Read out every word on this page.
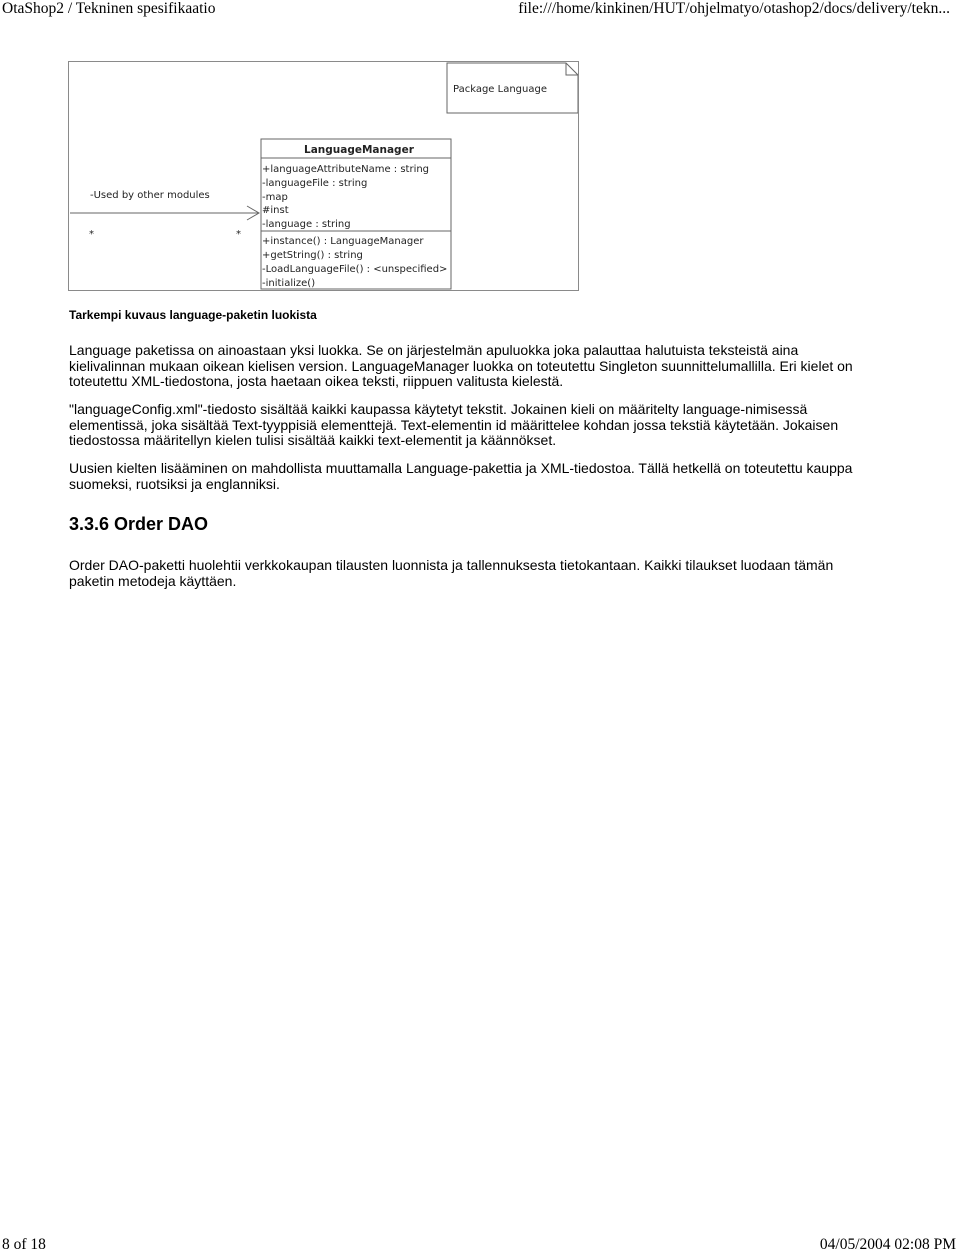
OtaShop2 / Tekninen spesifikaatio	file:///home/kinkinen/HUT/ohjelmatyo/otashop2/docs/delivery/tekn...
Package Language
LanguageManager
+languageAttributeName : string
-languageFile : string
-map
#inst
-language : string
+instance() : LanguageManager
+getString() : string
-LoadLanguageFile() : <unspecified>
-initialize()
-Used by other modules
*	*
Tarkempi kuvaus language-paketin luokista

Language paketissa on ainoastaan yksi luokka. Se on järjestelmän apuluokka joka palauttaa halutuista teksteistä aina kielivalinnan mukaan oikean kielisen version. LanguageManager luokka on toteutettu Singleton suunnittelumallilla. Eri kielet on toteutettu XML-tiedostona, josta haetaan oikea teksti, riippuen valitusta kielestä.

"languageConfig.xml"-tiedosto sisältää kaikki kaupassa käytetyt tekstit. Jokainen kieli on määritelty language-nimisessä elementissä, joka sisältää Text-tyyppisiä elementtejä. Text-elementin id määrittelee kohdan jossa tekstiä käytetään. Jokaisen tiedostossa määritellyn kielen tulisi sisältää kaikki text-elementit ja käännökset.

Uusien kielten lisääminen on mahdollista muuttamalla Language-pakettia ja XML-tiedostoa. Tällä hetkellä on toteutettu kauppa suomeksi, ruotsiksi ja englanniksi.

3.3.6 Order DAO

Order DAO-paketti huolehtii verkkokaupan tilausten luonnista ja tallennuksesta tietokantaan. Kaikki tilaukset luodaan tämän paketin metodeja käyttäen.

8 of 18	04/05/2004 02:08 PM
